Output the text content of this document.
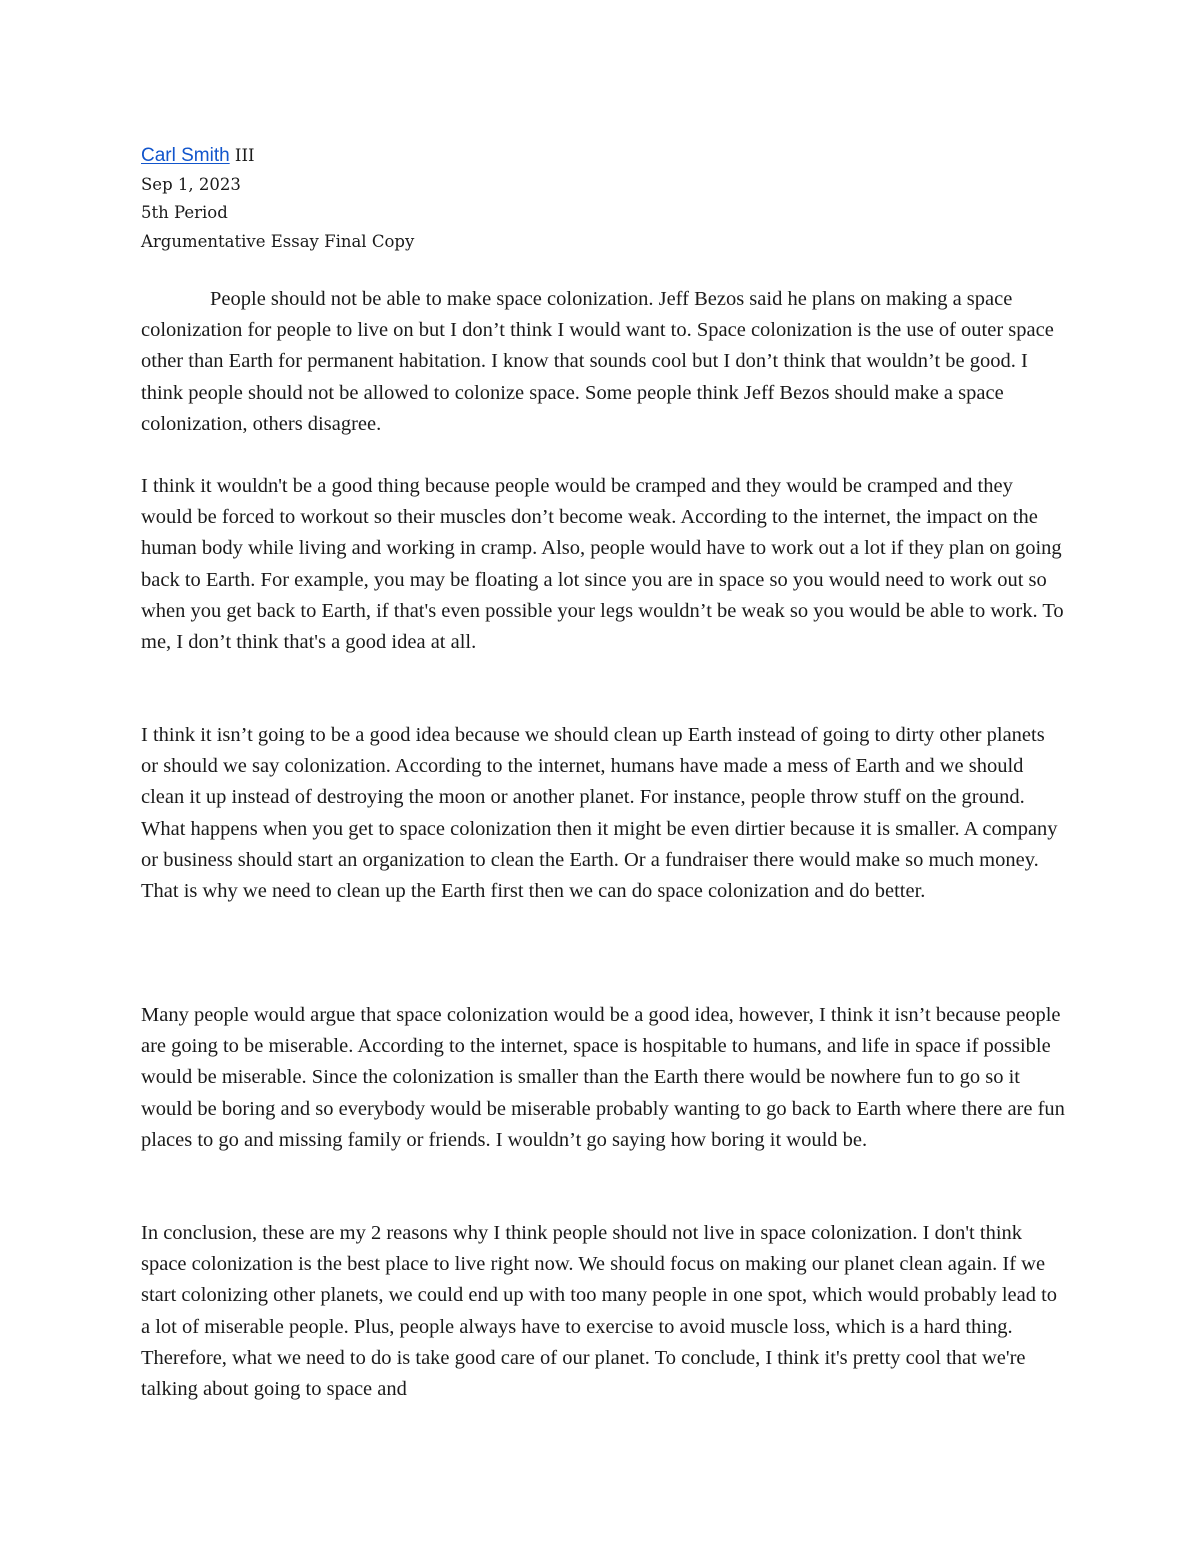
Carl Smith III
Sep 1, 2023
5th Period
Argumentative Essay Final Copy

People should not be able to make space colonization. Jeff Bezos said he plans on making a space colonization for people to live on but I don’t think I would want to. Space colonization is the use of outer space other than Earth for permanent habitation. I know that sounds cool but I don’t think that wouldn’t be good. I think people should not be allowed to colonize space. Some people think Jeff Bezos should make a space colonization, others disagree.

I think it wouldn't be a good thing because people would be cramped and they would be cramped and they would be forced to workout so their muscles don’t become weak. According to the internet, the impact on the human body while living and working in cramp. Also, people would have to work out a lot if they plan on going back to Earth. For example, you may be floating a lot since you are in space so you would need to work out so when you get back to Earth, if that's even possible your legs wouldn’t be weak so you would be able to work. To me, I don’t think that's a good idea at all.

I think it isn’t going to be a good idea because we should clean up Earth instead of going to dirty other planets or should we say colonization. According to the internet, humans have made a mess of Earth and we should clean it up instead of destroying the moon or another planet. For instance, people throw stuff on the ground. What happens when you get to space colonization then it might be even dirtier because it is smaller. A company or business should start an organization to clean the Earth. Or a fundraiser there would make so much money. That is why we need to clean up the Earth first then we can do space colonization and do better.

Many people would argue that space colonization would be a good idea, however, I think it isn’t because people are going to be miserable. According to the internet, space is hospitable to humans, and life in space if possible would be miserable. Since the colonization is smaller than the Earth there would be nowhere fun to go so it would be boring and so everybody would be miserable probably wanting to go back to Earth where there are fun places to go and missing family or friends. I wouldn’t go saying how boring it would be.

In conclusion, these are my 2 reasons why I think people should not live in space colonization. I don't think space colonization is the best place to live right now. We should focus on making our planet clean again. If we start colonizing other planets, we could end up with too many people in one spot, which would probably lead to a lot of miserable people. Plus, people always have to exercise to avoid muscle loss, which is a hard thing. Therefore, what we need to do is take good care of our planet. To conclude, I think it's pretty cool that we're talking about going to space and
